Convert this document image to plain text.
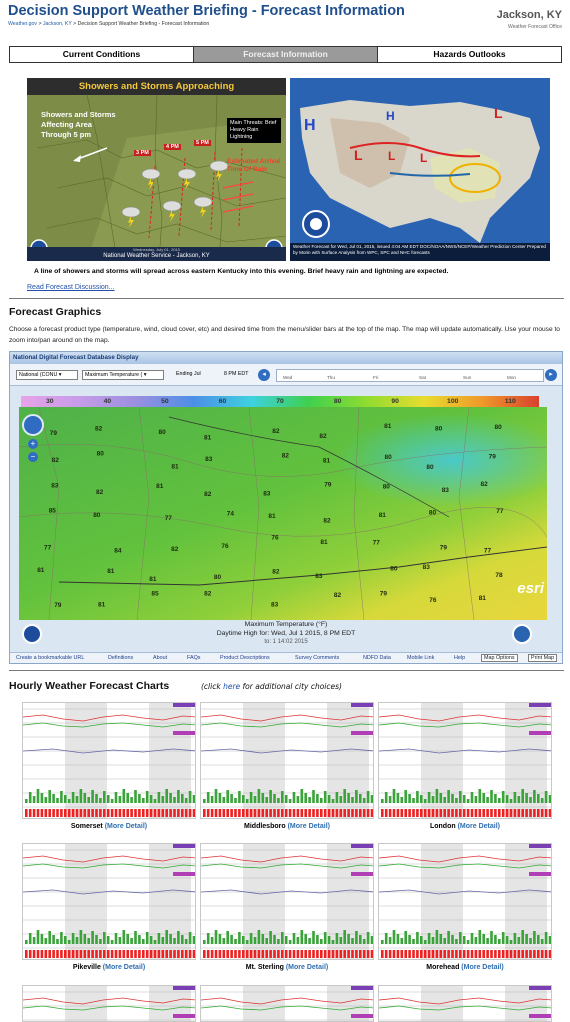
Decision Support Weather Briefing - Forecast Information
Weather.gov > Jackson, KY > Decision Support Weather Briefing - Forecast Information
Jackson, KY
Weather Forecast Office
Current Conditions	Forecast Information	Hazards Outlooks
Showers and Storms Approaching
Showers and Storms Affecting Area Through 5 pm
3 PM
4 PM
5 PM
Main Threats: Brief Heavy Rain Lightning
Estimated Arrival Time Of Rain
Wednesday, July 01, 2015
National Weather Service - Jackson, KY
H
L L L
L
H
Weather Forecast for Wed, Jul 01, 2015, issued 4:04 AM EDT DOC/NOAA/NWS/NCEP/Weather Prediction Center Prepared by Morin with Surface Analysis from WPC, SPC and NHC forecasts
A line of showers and storms will spread across eastern Kentucky into this evening. Brief heavy rain and lightning are expected.
Read Forecast Discussion...
Forecast Graphics
Choose a forecast product type (temperature, wind, cloud cover, etc) and desired time from the menu/slider bars at the top of the map. The map will update automatically. Use your mouse to zoom into/pan around on the map.
National Digital Forecast Database Display
National (CONU ▾	Maximum Temperature ( ▾	Ending Jul	8 PM EDT	◂	Wed	Thu	Fri	Sat	Sun	Mon	▸
30	40	50	60	70	80	90	100	110
79
82
80
81
82
82
81	80	80
82
80
81
83
82
81
80
80
79
83
82
81
82	83
79	80	83
82
85
80	77
74	81
82
81	80	77
77	84	82	76
76
81	77
79	77
81	81
81	80
82
83
80	83
78
79	81
85	82
83
82	79
76	81
+
−
esri
Maximum Temperature (°F)
Daytime High for: Wed, Jul 1 2015, 8 PM EDT
to: 1 14:02 2015
Create a bookmarkable URL	Definitions	About	FAQs	Product Descriptions	Survey Comments	NDFD Data	Mobile Link	Help	Map Options	Print Map
Hourly Weather Forecast Charts	(click here for additional city choices)
Somerset (More Detail)	Middlesboro (More Detail)	London (More Detail)
Pikeville (More Detail)	Mt. Sterling (More Detail)	Morehead (More Detail)
